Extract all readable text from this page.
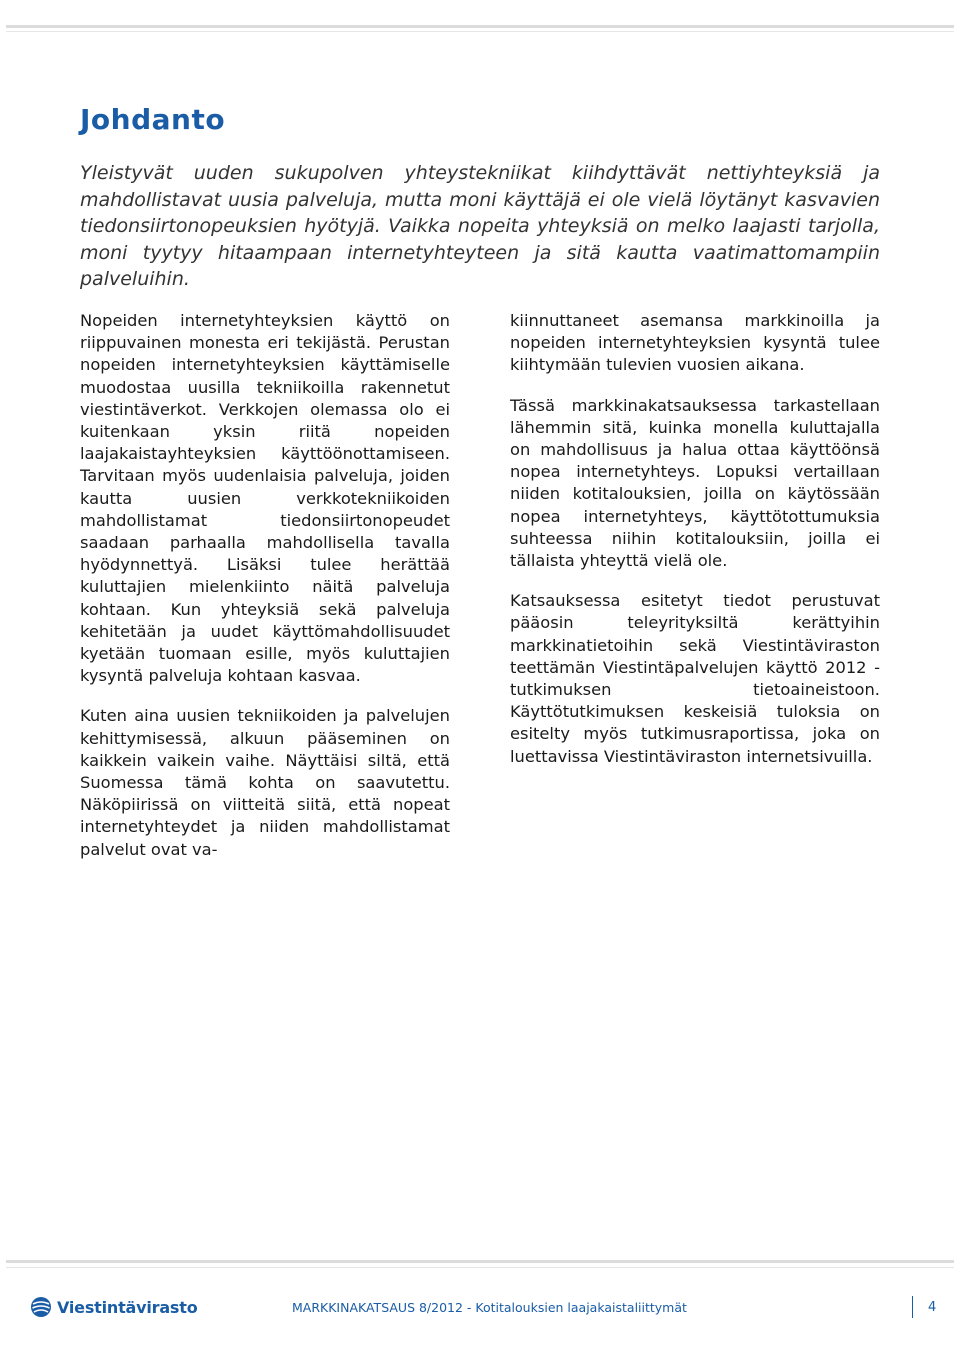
Johdanto

Yleistyvät uuden sukupolven yhteystekniikat kiihdyttävät nettiyhteyksiä ja mahdollistavat uusia palveluja, mutta moni käyttäjä ei ole vielä löytänyt kasvavien tiedonsiirtonopeuksien hyötyjä. Vaikka nopeita yhteyksiä on melko laajasti tarjolla, moni tyytyy hitaampaan internetyhteyteen ja sitä kautta vaatimattomampiin palveluihin.

Nopeiden internetyhteyksien käyttö on riippuvainen monesta eri tekijästä. Perustan nopeiden internetyhteyksien käyttämiselle muodostaa uusilla tekniikoilla rakennetut viestintäverkot. Verkkojen olemassa olo ei kuitenkaan yksin riitä nopeiden laajakaistayhteyksien käyttöönottamiseen. Tarvitaan myös uudenlaisia palveluja, joiden kautta uusien verkkotekniikoiden mahdollistamat tiedonsiirtonopeudet saadaan parhaalla mahdollisella tavalla hyödynnettyä. Lisäksi tulee herättää kuluttajien mielenkiinto näitä palveluja kohtaan. Kun yhteyksiä sekä palveluja kehitetään ja uudet käyttömahdollisuudet kyetään tuomaan esille, myös kuluttajien kysyntä palveluja kohtaan kasvaa.

Kuten aina uusien tekniikoiden ja palvelujen kehittymisessä, alkuun pääseminen on kaikkein vaikein vaihe. Näyttäisi siltä, että Suomessa tämä kohta on saavutettu. Näköpiirissä on viitteitä siitä, että nopeat internetyhteydet ja niiden mahdollistamat palvelut ovat va-

kiinnuttaneet asemansa markkinoilla ja nopeiden internetyhteyksien kysyntä tulee kiihtymään tulevien vuosien aikana.

Tässä markkinakatsauksessa tarkastellaan lähemmin sitä, kuinka monella kuluttajalla on mahdollisuus ja halua ottaa käyttöönsä nopea internetyhteys. Lopuksi vertaillaan niiden kotitalouksien, joilla on käytössään nopea internetyhteys, käyttötottumuksia suhteessa niihin kotitalouksiin, joilla ei tällaista yhteyttä vielä ole.

Katsauksessa esitetyt tiedot perustuvat pääosin teleyrityksiltä kerättyihin markkinatietoihin sekä Viestintäviraston teettämän Viestintäpalvelujen käyttö 2012 -tutkimuksen tietoaineistoon. Käyttötutkimuksen keskeisiä tuloksia on esitelty myös tutkimusraportissa, joka on luettavissa Viestintäviraston internetsivuilla.

Viestintävirasto	MARKKINAKATSAUS 8/2012 - Kotitalouksien laajakaistaliittymät	4
